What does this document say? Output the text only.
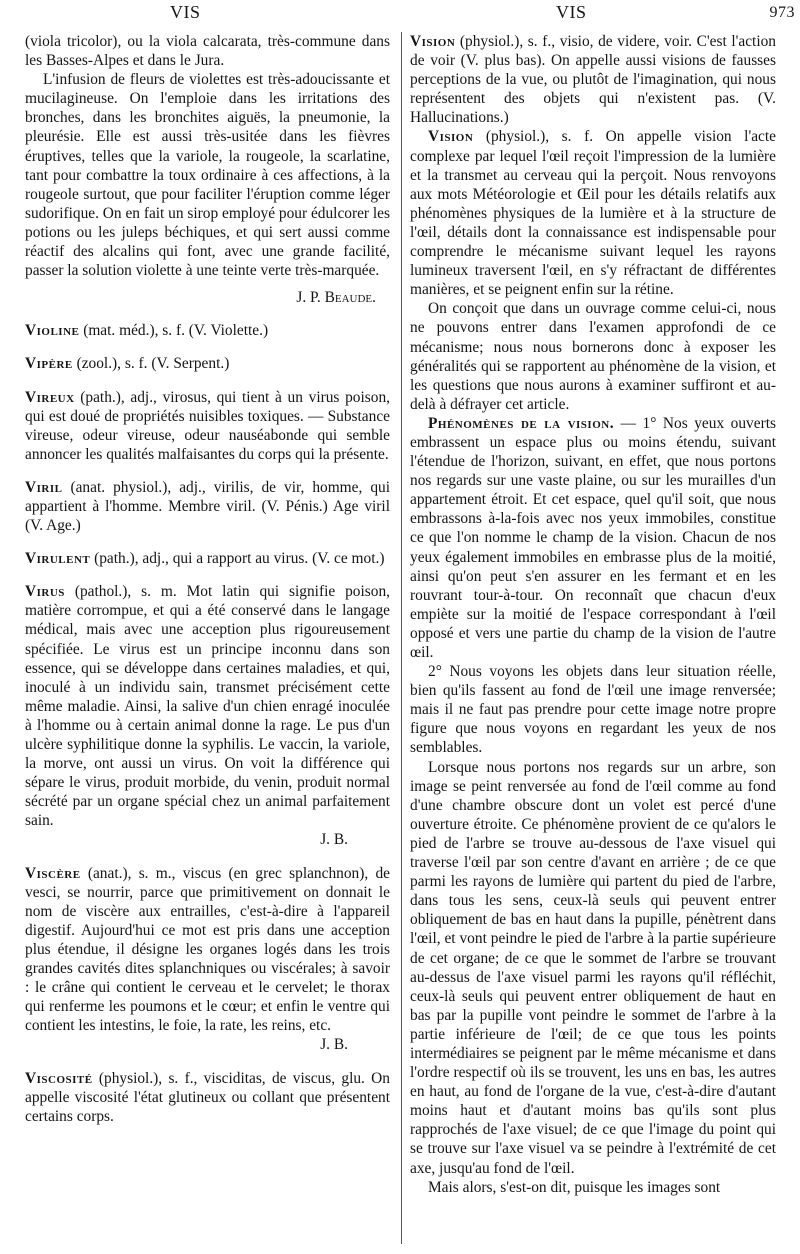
VIS	VIS	973

(viola tricolor), ou la viola calcarata, très-commune dans les Basses-Alpes et dans le Jura.

L'infusion de fleurs de violettes est très-adoucissante et mucilagineuse. On l'emploie dans les irritations des bronches, dans les bronchites aiguës, la pneumonie, la pleurésie. Elle est aussi très-usitée dans les fièvres éruptives, telles que la variole, la rougeole, la scarlatine, tant pour combattre la toux ordinaire à ces affections, à la rougeole surtout, que pour faciliter l'éruption comme léger sudorifique. On en fait un sirop employé pour édulcorer les potions ou les juleps béchiques, et qui sert aussi comme réactif des alcalins qui font, avec une grande facilité, passer la solution violette à une teinte verte très-marquée.

J. P. Beaude.

Violine (mat. méd.), s. f. (V. Violette.)

Vipère (zool.), s. f. (V. Serpent.)

Vireux (path.), adj., virosus, qui tient à un virus poison, qui est doué de propriétés nuisibles toxiques. — Substance vireuse, odeur vireuse, odeur nauséabonde qui semble annoncer les qualités malfaisantes du corps qui la présente.

Viril (anat. physiol.), adj., virilis, de vir, homme, qui appartient à l'homme. Membre viril. (V. Pénis.) Age viril (V. Age.)

Virulent (path.), adj., qui a rapport au virus. (V. ce mot.)

Virus (pathol.), s. m. Mot latin qui signifie poison, matière corrompue, et qui a été conservé dans le langage médical, mais avec une acception plus rigoureusement spécifiée. Le virus est un principe inconnu dans son essence, qui se développe dans certaines maladies, et qui, inoculé à un individu sain, transmet précisément cette même maladie. Ainsi, la salive d'un chien enragé inoculée à l'homme ou à certain animal donne la rage. Le pus d'un ulcère syphilitique donne la syphilis. Le vaccin, la variole, la morve, ont aussi un virus. On voit la différence qui sépare le virus, produit morbide, du venin, produit normal sécrété par un organe spécial chez un animal parfaitement sain.

J. B.

Viscère (anat.), s. m., viscus (en grec splanchnon), de vesci, se nourrir, parce que primitivement on donnait le nom de viscère aux entrailles, c'est-à-dire à l'appareil digestif. Aujourd'hui ce mot est pris dans une acception plus étendue, il désigne les organes logés dans les trois grandes cavités dites splanchniques ou viscérales; à savoir : le crâne qui contient le cerveau et le cervelet; le thorax qui renferme les poumons et le cœur; et enfin le ventre qui contient les intestins, le foie, la rate, les reins, etc.

J. B.

Viscosité (physiol.), s. f., visciditas, de viscus, glu. On appelle viscosité l'état glutineux ou collant que présentent certains corps.

Vision (physiol.), s. f., visio, de videre, voir. C'est l'action de voir (V. plus bas). On appelle aussi visions de fausses perceptions de la vue, ou plutôt de l'imagination, qui nous représentent des objets qui n'existent pas. (V. Hallucinations.)

Vision (physiol.), s. f. On appelle vision l'acte complexe par lequel l'œil reçoit l'impression de la lumière et la transmet au cerveau qui la perçoit. Nous renvoyons aux mots Météorologie et Œil pour les détails relatifs aux phénomènes physiques de la lumière et à la structure de l'œil, détails dont la connaissance est indispensable pour comprendre le mécanisme suivant lequel les rayons lumineux traversent l'œil, en s'y réfractant de différentes manières, et se peignent enfin sur la rétine.

On conçoit que dans un ouvrage comme celui-ci, nous ne pouvons entrer dans l'examen approfondi de ce mécanisme; nous nous bornerons donc à exposer les généralités qui se rapportent au phénomène de la vision, et les questions que nous aurons à examiner suffiront et au-delà à défrayer cet article.

Phénomènes de la vision. — 1° Nos yeux ouverts embrassent un espace plus ou moins étendu, suivant l'étendue de l'horizon, suivant, en effet, que nous portons nos regards sur une vaste plaine, ou sur les murailles d'un appartement étroit. Et cet espace, quel qu'il soit, que nous embrassons à-la-fois avec nos yeux immobiles, constitue ce que l'on nomme le champ de la vision. Chacun de nos yeux également immobiles en embrasse plus de la moitié, ainsi qu'on peut s'en assurer en les fermant et en les rouvrant tour-à-tour. On reconnaît que chacun d'eux empiète sur la moitié de l'espace correspondant à l'œil opposé et vers une partie du champ de la vision de l'autre œil.

2° Nous voyons les objets dans leur situation réelle, bien qu'ils fassent au fond de l'œil une image renversée; mais il ne faut pas prendre pour cette image notre propre figure que nous voyons en regardant les yeux de nos semblables.

Lorsque nous portons nos regards sur un arbre, son image se peint renversée au fond de l'œil comme au fond d'une chambre obscure dont un volet est percé d'une ouverture étroite. Ce phénomène provient de ce qu'alors le pied de l'arbre se trouve au-dessous de l'axe visuel qui traverse l'œil par son centre d'avant en arrière ; de ce que parmi les rayons de lumière qui partent du pied de l'arbre, dans tous les sens, ceux-là seuls qui peuvent entrer obliquement de bas en haut dans la pupille, pénètrent dans l'œil, et vont peindre le pied de l'arbre à la partie supérieure de cet organe; de ce que le sommet de l'arbre se trouvant au-dessus de l'axe visuel parmi les rayons qu'il réfléchit, ceux-là seuls qui peuvent entrer obliquement de haut en bas par la pupille vont peindre le sommet de l'arbre à la partie inférieure de l'œil; de ce que tous les points intermédiaires se peignent par le même mécanisme et dans l'ordre respectif où ils se trouvent, les uns en bas, les autres en haut, au fond de l'organe de la vue, c'est-à-dire d'autant moins haut et d'autant moins bas qu'ils sont plus rapprochés de l'axe visuel; de ce que l'image du point qui se trouve sur l'axe visuel va se peindre à l'extrémité de cet axe, jusqu'au fond de l'œil.

Mais alors, s'est-on dit, puisque les images sont
